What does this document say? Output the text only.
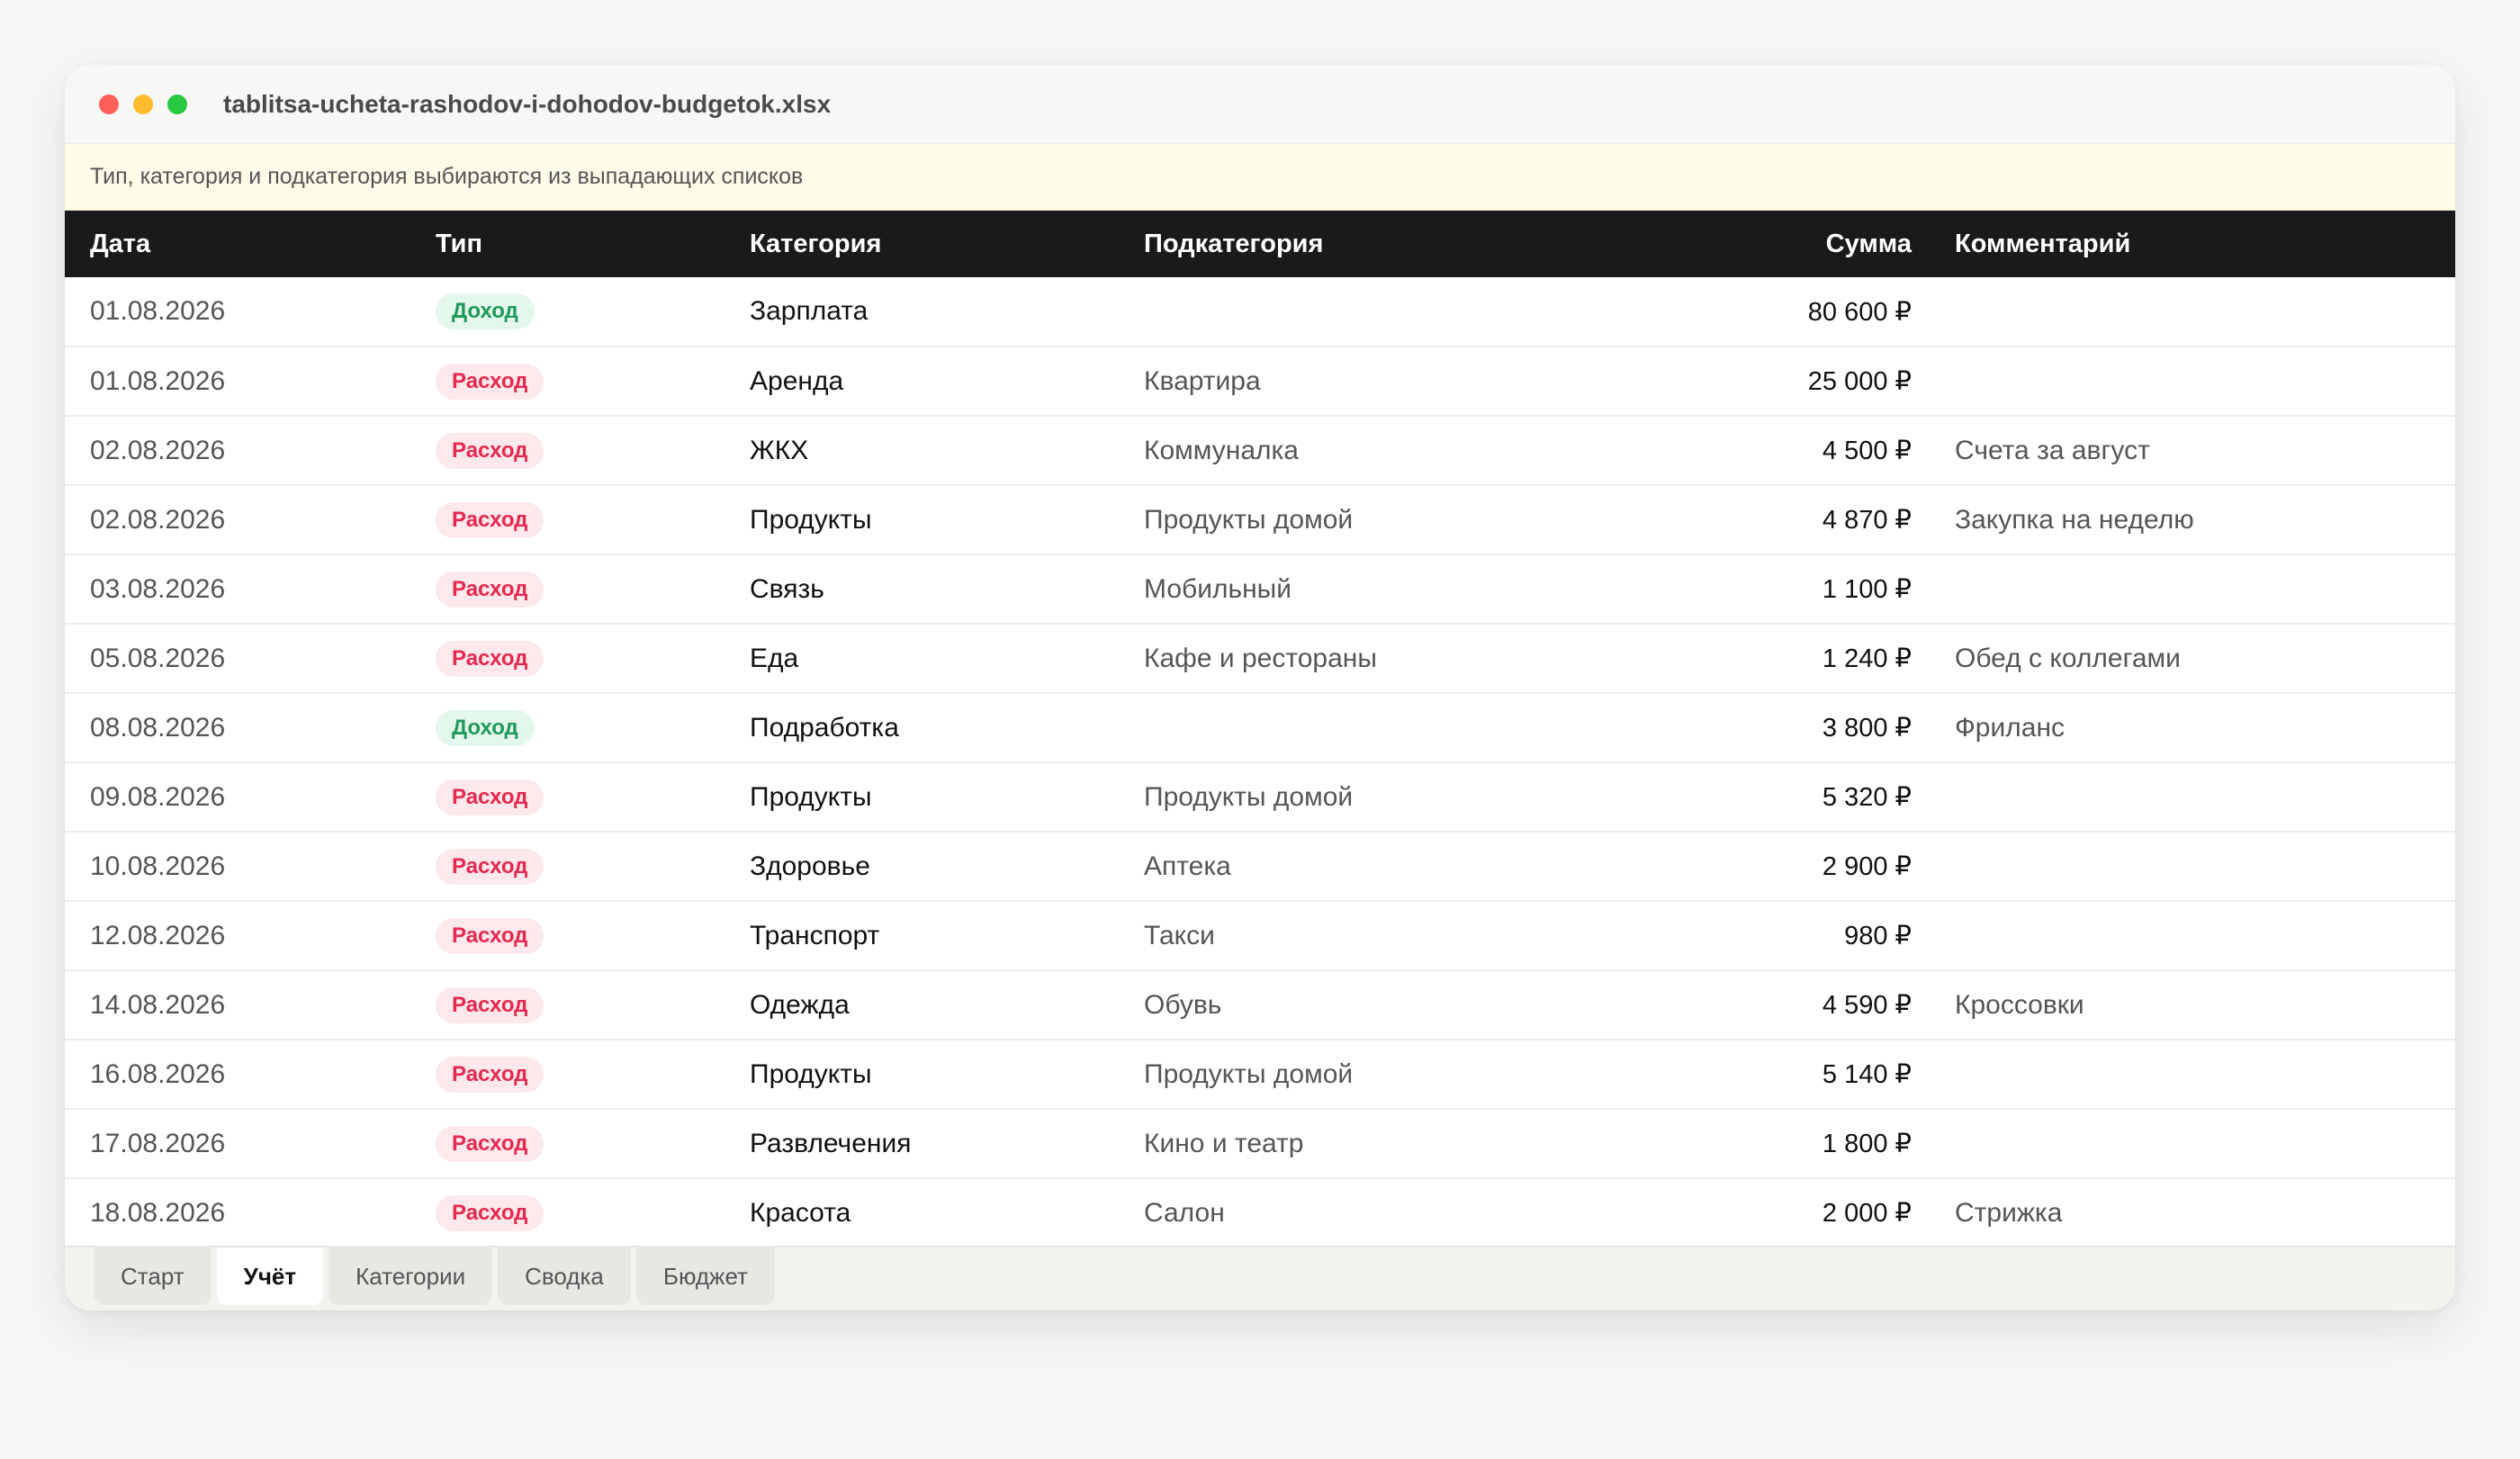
tablitsa-ucheta-rashodov-i-dohodov-budgetok.xlsx
Тип, категория и подкатегория выбираются из выпадающих списков
Дата	Тип	Категория	Подкатегория	Сумма	Комментарий
01.08.2026	Доход	Зарплата		80 600 ₽	
01.08.2026	Расход	Аренда	Квартира	25 000 ₽	
02.08.2026	Расход	ЖКХ	Коммуналка	4 500 ₽	Счета за август
02.08.2026	Расход	Продукты	Продукты домой	4 870 ₽	Закупка на неделю
03.08.2026	Расход	Связь	Мобильный	1 100 ₽	
05.08.2026	Расход	Еда	Кафе и рестораны	1 240 ₽	Обед с коллегами
08.08.2026	Доход	Подработка		3 800 ₽	Фриланс
09.08.2026	Расход	Продукты	Продукты домой	5 320 ₽	
10.08.2026	Расход	Здоровье	Аптека	2 900 ₽	
12.08.2026	Расход	Транспорт	Такси	980 ₽	
14.08.2026	Расход	Одежда	Обувь	4 590 ₽	Кроссовки
16.08.2026	Расход	Продукты	Продукты домой	5 140 ₽	
17.08.2026	Расход	Развлечения	Кино и театр	1 800 ₽	
18.08.2026	Расход	Красота	Салон	2 000 ₽	Стрижка
Старт	Учёт	Категории	Сводка	Бюджет
